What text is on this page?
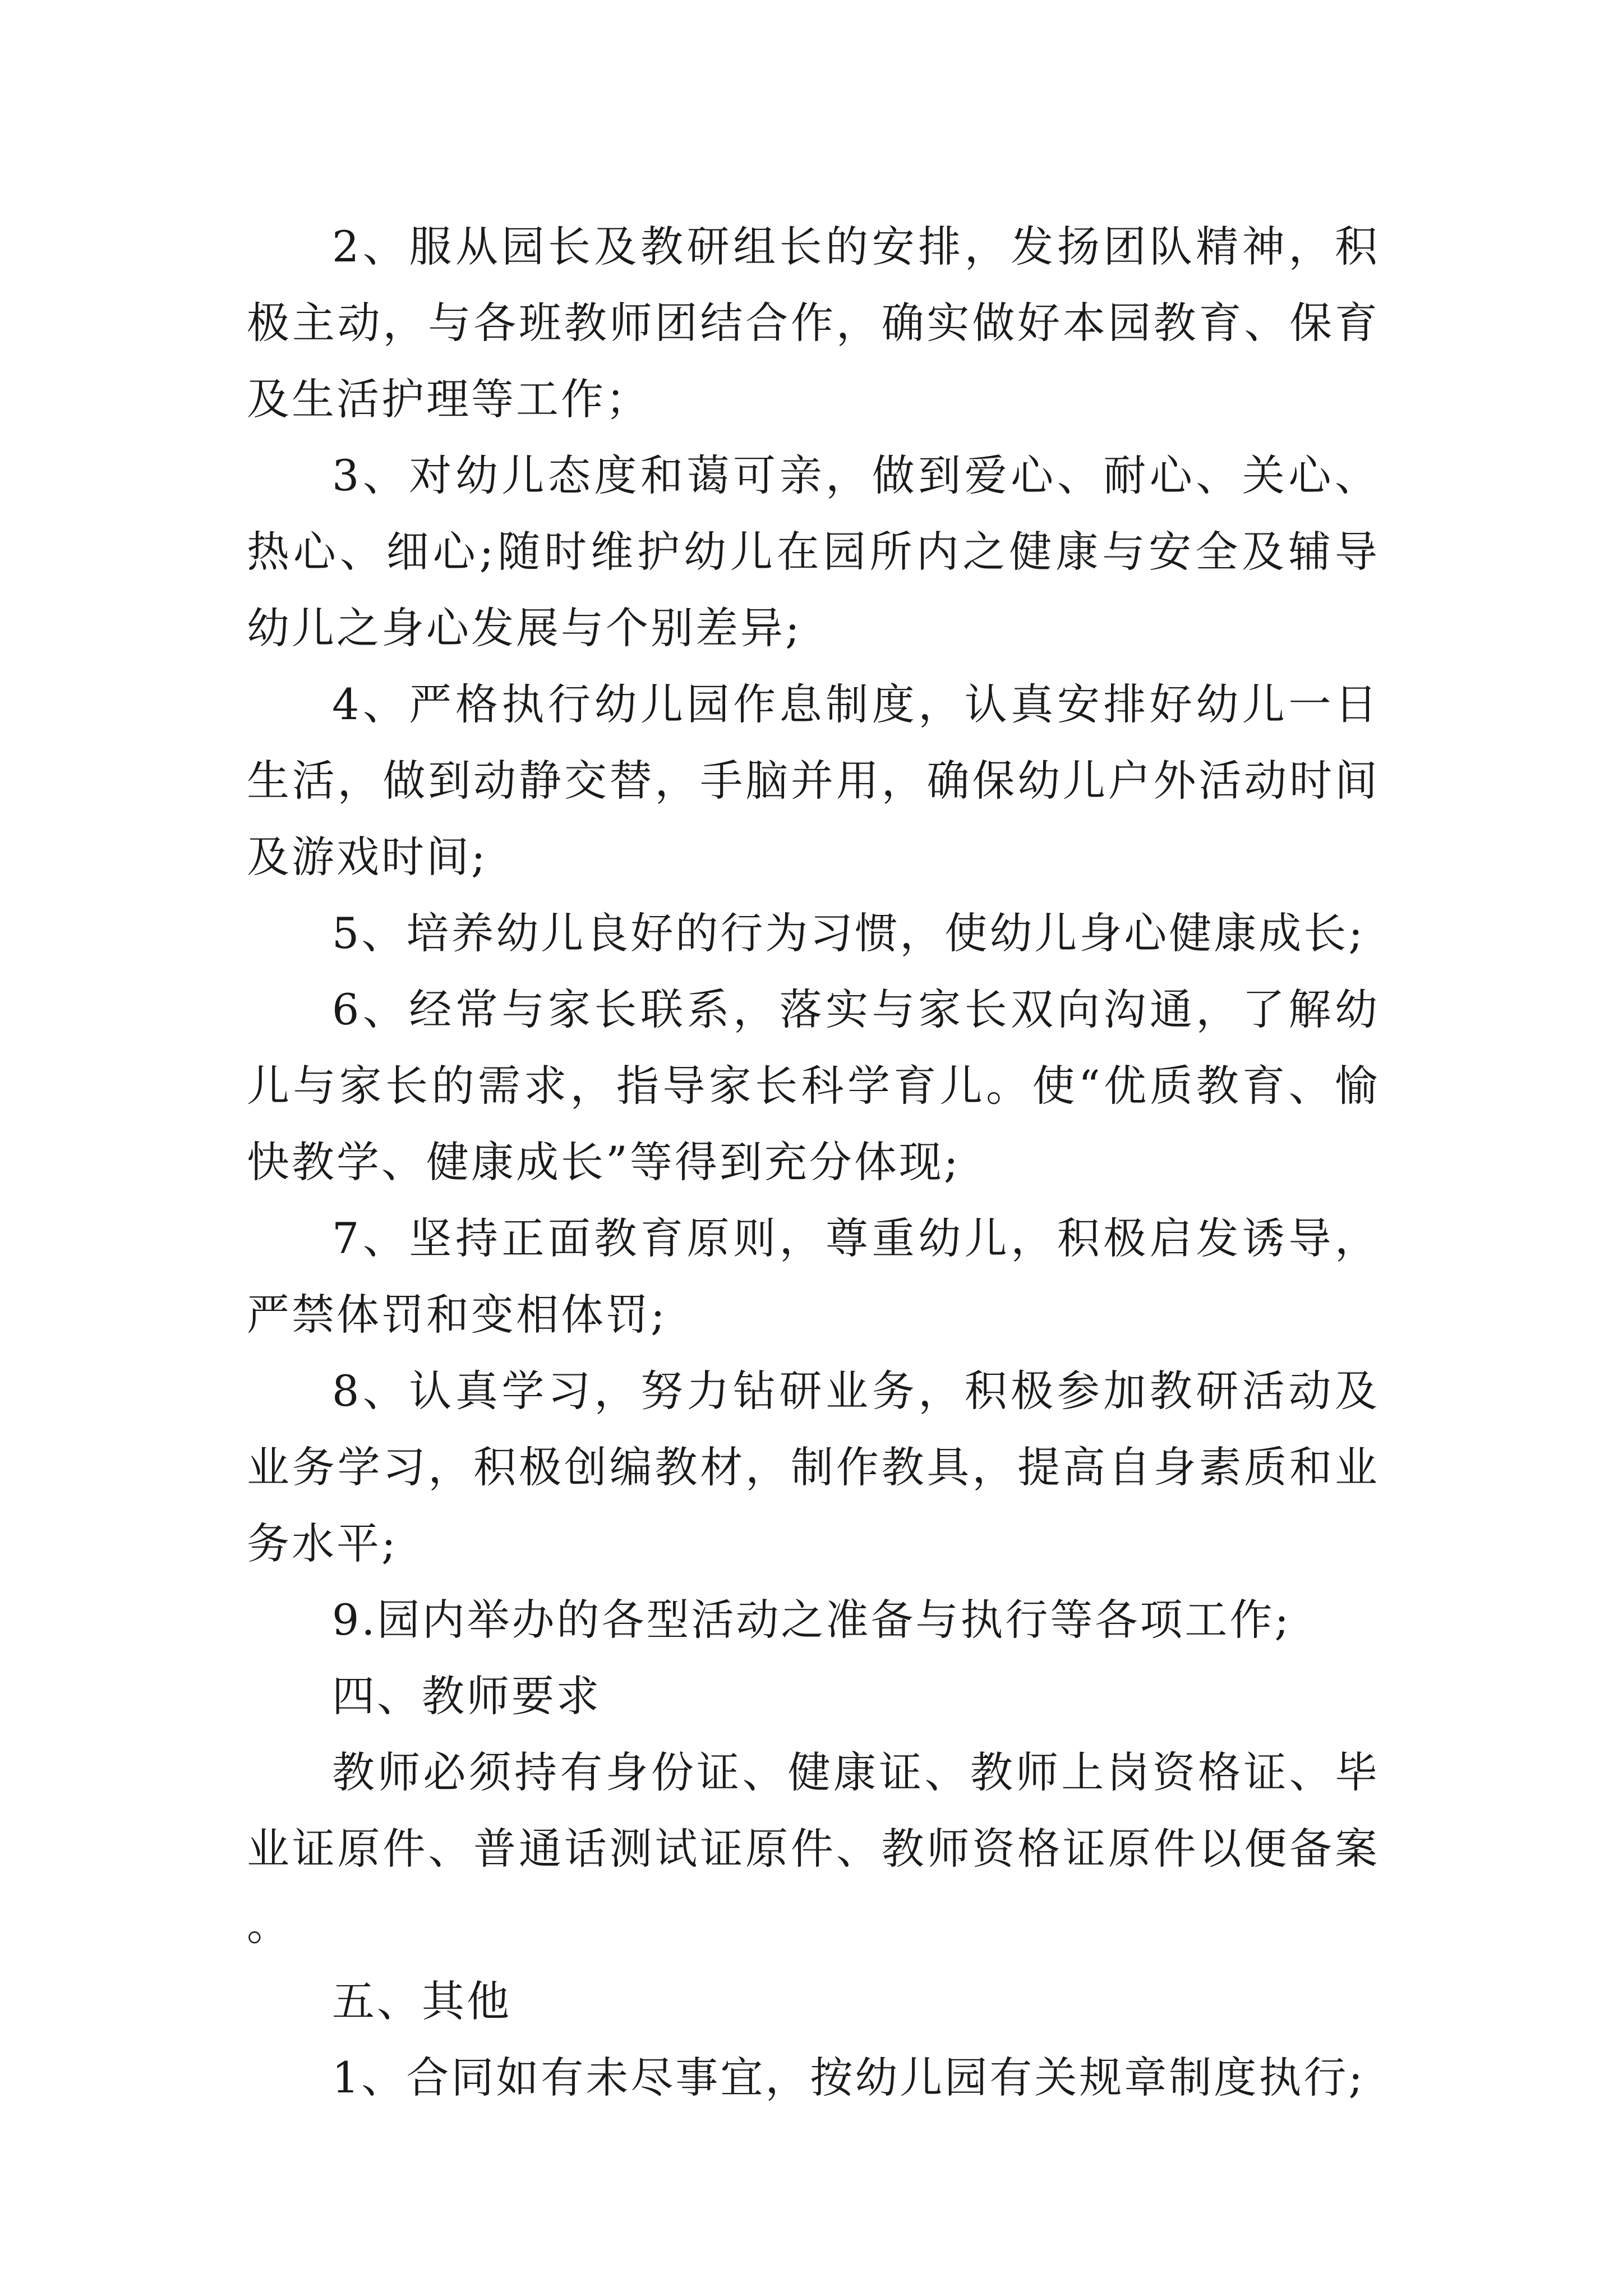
2、服从园长及教研组长的安排，发扬团队精神，积极主动，与各班教师团结合作，确实做好本园教育、保育及生活护理等工作；

3、对幼儿态度和蔼可亲，做到爱心、耐心、关心、热心、细心;随时维护幼儿在园所内之健康与安全及辅导幼儿之身心发展与个别差异;

4、严格执行幼儿园作息制度，认真安排好幼儿一日生活，做到动静交替，手脑并用，确保幼儿户外活动时间及游戏时间;

5、培养幼儿良好的行为习惯，使幼儿身心健康成长;

6、经常与家长联系，落实与家长双向沟通，了解幼儿与家长的需求，指导家长科学育儿。使“优质教育、愉快教学、健康成长”等得到充分体现;

7、坚持正面教育原则，尊重幼儿，积极启发诱导，严禁体罚和变相体罚;

8、认真学习，努力钻研业务，积极参加教研活动及业务学习，积极创编教材，制作教具，提高自身素质和业务水平;

9.园内举办的各型活动之准备与执行等各项工作;

四、教师要求

教师必须持有身份证、健康证、教师上岗资格证、毕业证原件、普通话测试证原件、教师资格证原件以便备案。

五、其他

1、合同如有未尽事宜，按幼儿园有关规章制度执行;
